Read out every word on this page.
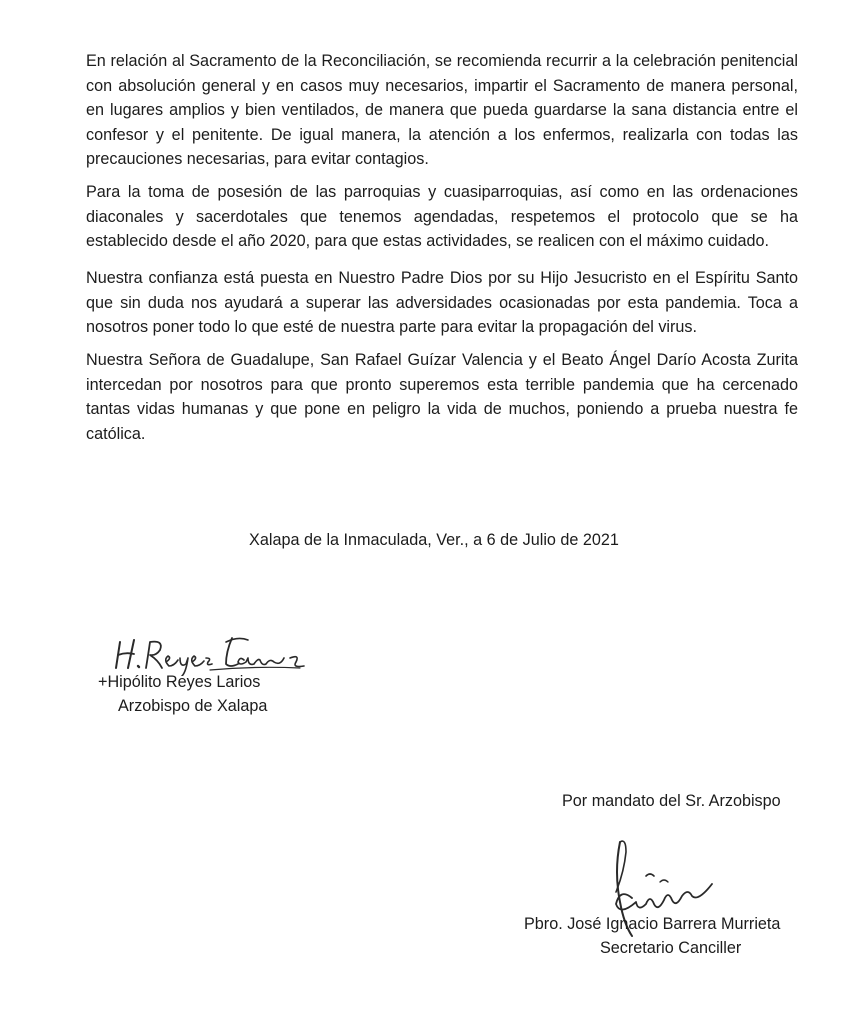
En relación al Sacramento de la Reconciliación, se recomienda recurrir a la celebración penitencial con absolución general y en casos muy necesarios, impartir el Sacramento de manera personal, en lugares amplios y bien ventilados, de manera que pueda guardarse la sana distancia entre el confesor y el penitente. De igual manera, la atención a los enfermos, realizarla con todas las precauciones necesarias, para evitar contagios.

Para la toma de posesión de las parroquias y cuasiparroquias, así como en las ordenaciones diaconales y sacerdotales que tenemos agendadas, respetemos el protocolo que se ha establecido desde el año 2020, para que estas actividades, se realicen con el máximo cuidado.

Nuestra confianza está puesta en Nuestro Padre Dios por su Hijo Jesucristo en el Espíritu Santo que sin duda nos ayudará a superar las adversidades ocasionadas por esta pandemia. Toca a nosotros poner todo lo que esté de nuestra parte para evitar la propagación del virus.

Nuestra Señora de Guadalupe, San Rafael Guízar Valencia y el Beato Ángel Darío Acosta Zurita intercedan por nosotros para que pronto superemos esta terrible pandemia que ha cercenado tantas vidas humanas y que pone en peligro la vida de muchos, poniendo a prueba nuestra fe católica.

Xalapa de la Inmaculada, Ver., a 6 de Julio de 2021
+Hipólito Reyes Larios
Arzobispo de Xalapa
Por mandato del Sr. Arzobispo
Pbro. José Ignacio Barrera Murrieta
Secretario Canciller
